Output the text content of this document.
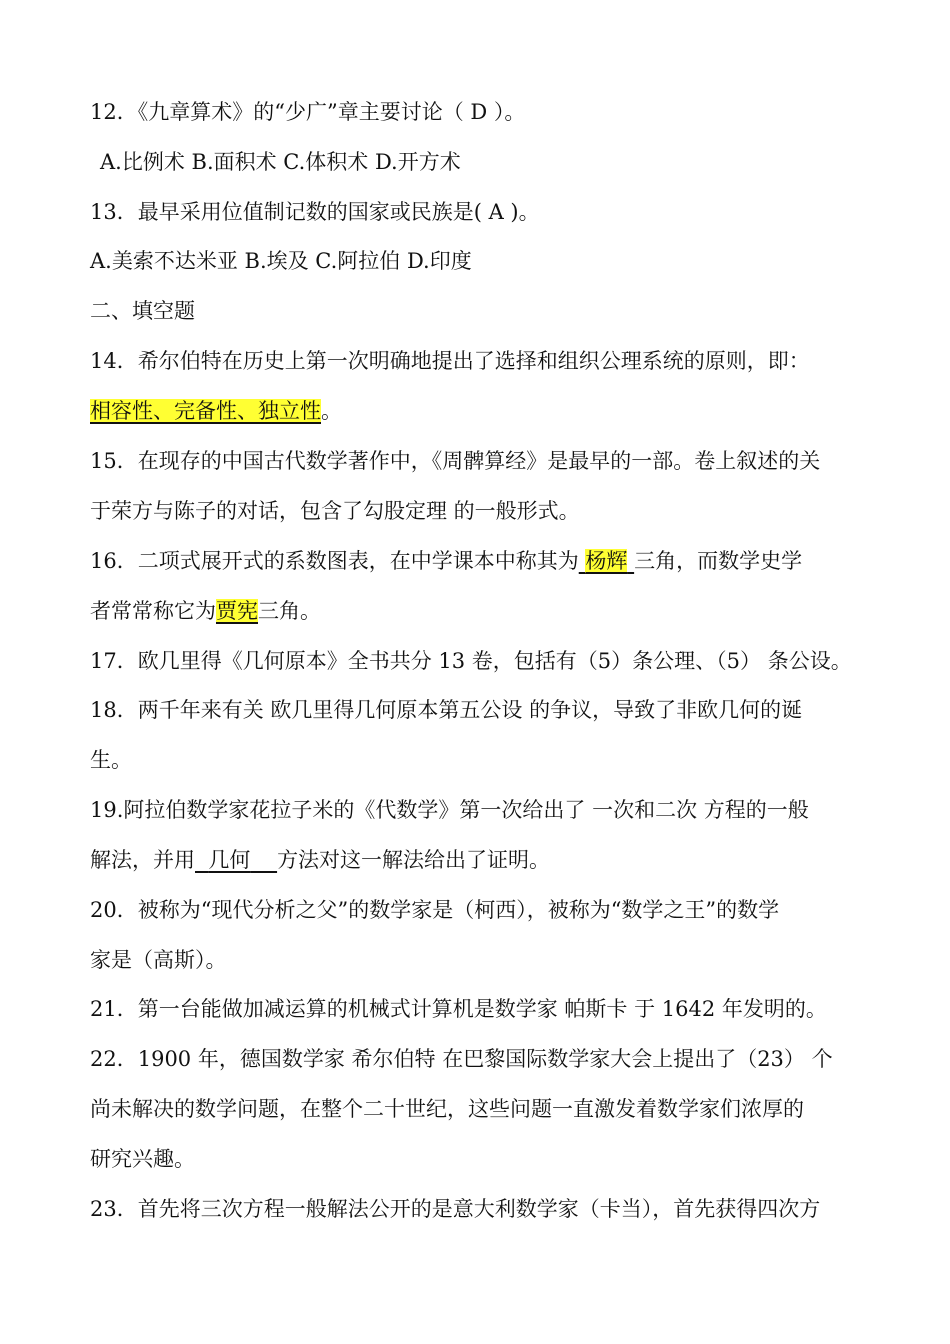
12．《九章算术》的“少广”章主要讨论（ D ）。
A.比例术 B.面积术 C.体积术 D.开方术
13．最早采用位值制记数的国家或民族是( A )。
A.美索不达米亚 B.埃及 C.阿拉伯 D.印度
二、填空题
14．希尔伯特在历史上第一次明确地提出了选择和组织公理系统的原则，即：
相容性、完备性、独立性。
15．在现存的中国古代数学著作中，《周髀算经》是最早的一部。卷上叙述的关
于荣方与陈子的对话，包含了勾股定理 的一般形式。
16．二项式展开式的系数图表，在中学课本中称其为 杨辉 三角，而数学史学
者常常称它为贾宪三角。
17．欧几里得《几何原本》全书共分 13 卷，包括有（5）条公理、（5） 条公设。
18．两千年来有关 欧几里得几何原本第五公设 的争议，导致了非欧几何的诞
生。
19.阿拉伯数学家花拉子米的《代数学》第一次给出了 一次和二次 方程的一般
解法，并用 几何 方法对这一解法给出了证明。
20．被称为“现代分析之父”的数学家是（柯西），被称为“数学之王”的数学
家是（高斯）。
21．第一台能做加减运算的机械式计算机是数学家 帕斯卡 于 1642 年发明的。
22．1900 年，德国数学家 希尔伯特 在巴黎国际数学家大会上提出了（23） 个
尚未解决的数学问题，在整个二十世纪，这些问题一直激发着数学家们浓厚的
研究兴趣。
23．首先将三次方程一般解法公开的是意大利数学家（卡当），首先获得四次方
